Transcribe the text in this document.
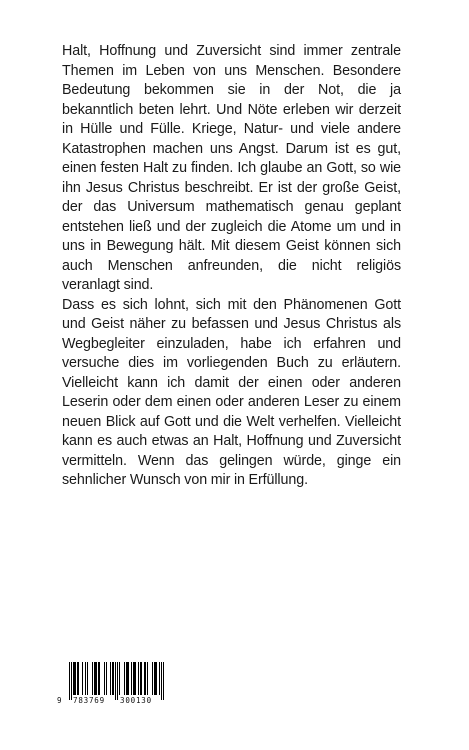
Halt, Hoffnung und Zuversicht sind immer zentrale Themen im Leben von uns Menschen. Besondere Bedeutung bekommen sie in der Not, die ja bekanntlich beten lehrt. Und Nöte erleben wir derzeit in Hülle und Fülle. Kriege, Natur- und viele andere Katastrophen machen uns Angst. Darum ist es gut, einen festen Halt zu finden. Ich glaube an Gott, so wie ihn Jesus Christus beschreibt. Er ist der große Geist, der das Universum mathematisch genau geplant entstehen ließ und der zugleich die Atome um und in uns in Bewegung hält. Mit diesem Geist können sich auch Menschen anfreunden, die nicht religiös veranlagt sind.

Dass es sich lohnt, sich mit den Phänomenen Gott und Geist näher zu befassen und Jesus Christus als Wegbegleiter einzuladen, habe ich erfahren und versuche dies im vorliegenden Buch zu erläutern. Vielleicht kann ich damit der einen oder anderen Leserin oder dem einen oder anderen Leser zu einem neuen Blick auf Gott und die Welt verhelfen. Vielleicht kann es auch etwas an Halt, Hoffnung und Zuversicht vermitteln. Wenn das gelingen würde, ginge ein sehnlicher Wunsch von mir in Erfüllung.

9 783769 300130
